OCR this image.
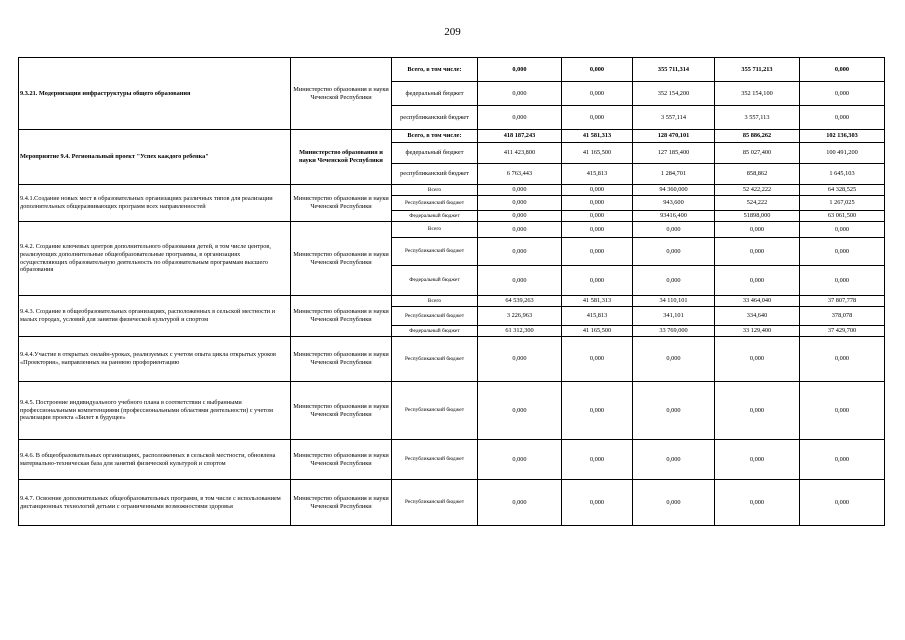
209
9.3.21. Модернизация инфраструктуры общего образования	Министерство образования и науки Чеченской Республики	Всего, в том числе:	0,000	0,000	355 711,314	355 711,213	0,000
		федеральный бюджет	0,000	0,000	352 154,200	352 154,100	0,000
		республиканский бюджет	0,000	0,000	3 557,114	3 557,113	0,000
Мероприятие 9.4. Региональный проект "Успех каждого ребенка"	Министерство образования и науки Чеченской Республики	Всего, в том числе:	418 187,243	41 581,313	128 470,101	85 886,262	102 136,303
		федеральный бюджет	411 423,800	41 165,500	127 185,400	85 027,400	100 491,200
		республиканский бюджет	6 763,443	415,813	1 284,701	858,862	1 645,103
9.4.1.Создание новых мест в образовательных организациях различных типов для реализации дополнительных общеразвивающих программ всех направленностей	Министерство образования и науки Чеченской Республики	Всего	0,000	0,000	94 360,000	52 422,222	64 328,525
		Республиканский бюджет	0,000	0,000	943,600	524,222	1 267,025
		Федеральный бюджет	0,000	0,000	93416,400	51898,000	63 061,500
9.4.2. Создание ключевых центров дополнительного образования детей, в том числе центров, реализующих дополнительные общеобразовательные программы, в организациях осуществляющих образовательную деятельность по образовательным программам высшего образования	Министерство образования и науки Чеченской Республики	Всего	0,000	0,000	0,000	0,000	0,000
		Республиканский бюджет	0,000	0,000	0,000	0,000	0,000
		Федеральный бюджет	0,000	0,000	0,000	0,000	0,000
9.4.3. Создание в общеобразовательных организациях, расположенных в сельской местности и малых городах, условий для занятия физической культурой и спортом	Министерство образования и науки Чеченской Республики	Всего	64 539,263	41 581,313	34 110,101	33 464,040	37 807,778
		Республиканский бюджет	3 226,963	415,813	341,101	334,640	378,078
		Федеральный бюджет	61 312,300	41 165,500	33 769,000	33 129,400	37 429,700
9.4.4.Участие в открытых онлайн-уроках, реализуемых с учетом опыта цикла открытых уроков «Проектория», направленных на раннюю профориентацию	Министерство образования и науки Чеченской Республики	Республиканский бюджет	0,000	0,000	0,000	0,000	0,000
9.4.5. Построение индивидуального учебного плана в соответствии с выбранными профессиональными компетенциями (профессиональными областями деятельности) с учетом реализации проекта «Билет в будущее»	Министерство образования и науки Чеченской Республики	Республиканский бюджет	0,000	0,000	0,000	0,000	0,000
9.4.6. В общеобразовательных организациях, расположенных в сельской местности, обновлена материально-техническая база для занятий физической культурой и спортом	Министерство образования и науки Чеченской Республики	Республиканский бюджет	0,000	0,000	0,000	0,000	0,000
9.4.7. Освоение дополнительных общеобразовательных программ, в том числе с использованием дистанционных технологий детьми с ограниченными возможностями здоровья	Министерство образования и науки Чеченской Республики	Республиканский бюджет	0,000	0,000	0,000	0,000	0,000
